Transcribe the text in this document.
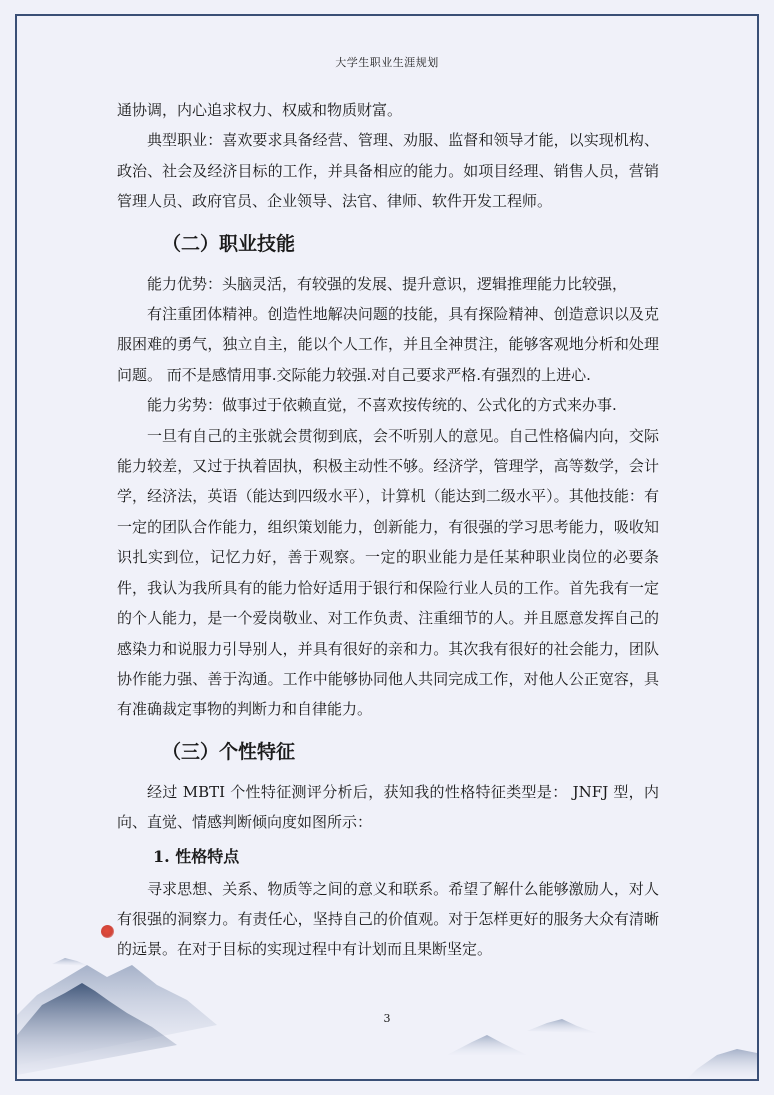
大学生职业生涯规划

通协调，内心追求权力、权威和物质财富。

典型职业：喜欢要求具备经营、管理、劝服、监督和领导才能，以实现机构、政治、社会及经济目标的工作，并具备相应的能力。如项目经理、销售人员，营销管理人员、政府官员、企业领导、法官、律师、软件开发工程师。

（二）职业技能

能力优势：头脑灵活，有较强的发展、提升意识，逻辑推理能力比较强，

有注重团体精神。创造性地解决问题的技能，具有探险精神、创造意识以及克服困难的勇气，独立自主，能以个人工作，并且全神贯注，能够客观地分析和处理问题。 而不是感情用事.交际能力较强.对自己要求严格.有强烈的上进心.

能力劣势：做事过于依赖直觉，不喜欢按传统的、公式化的方式来办事.

一旦有自己的主张就会贯彻到底，会不听别人的意见。自己性格偏内向，交际能力较差，又过于执着固执，积极主动性不够。经济学，管理学，高等数学，会计学，经济法，英语（能达到四级水平），计算机（能达到二级水平）。其他技能：有一定的团队合作能力，组织策划能力，创新能力，有很强的学习思考能力，吸收知识扎实到位，记忆力好，善于观察。一定的职业能力是任某种职业岗位的必要条件，我认为我所具有的能力恰好适用于银行和保险行业人员的工作。首先我有一定的个人能力，是一个爱岗敬业、对工作负责、注重细节的人。并且愿意发挥自己的感染力和说服力引导别人，并具有很好的亲和力。其次我有很好的社会能力，团队协作能力强、善于沟通。工作中能够协同他人共同完成工作，对他人公正宽容，具有准确裁定事物的判断力和自律能力。

（三）个性特征

经过 MBTI 个性特征测评分析后，获知我的性格特征类型是： JNFJ 型，内向、直觉、情感判断倾向度如图所示：

1. 性格特点

寻求思想、关系、物质等之间的意义和联系。希望了解什么能够激励人，对人有很强的洞察力。有责任心，坚持自己的价值观。对于怎样更好的服务大众有清晰的远景。在对于目标的实现过程中有计划而且果断坚定。

3
